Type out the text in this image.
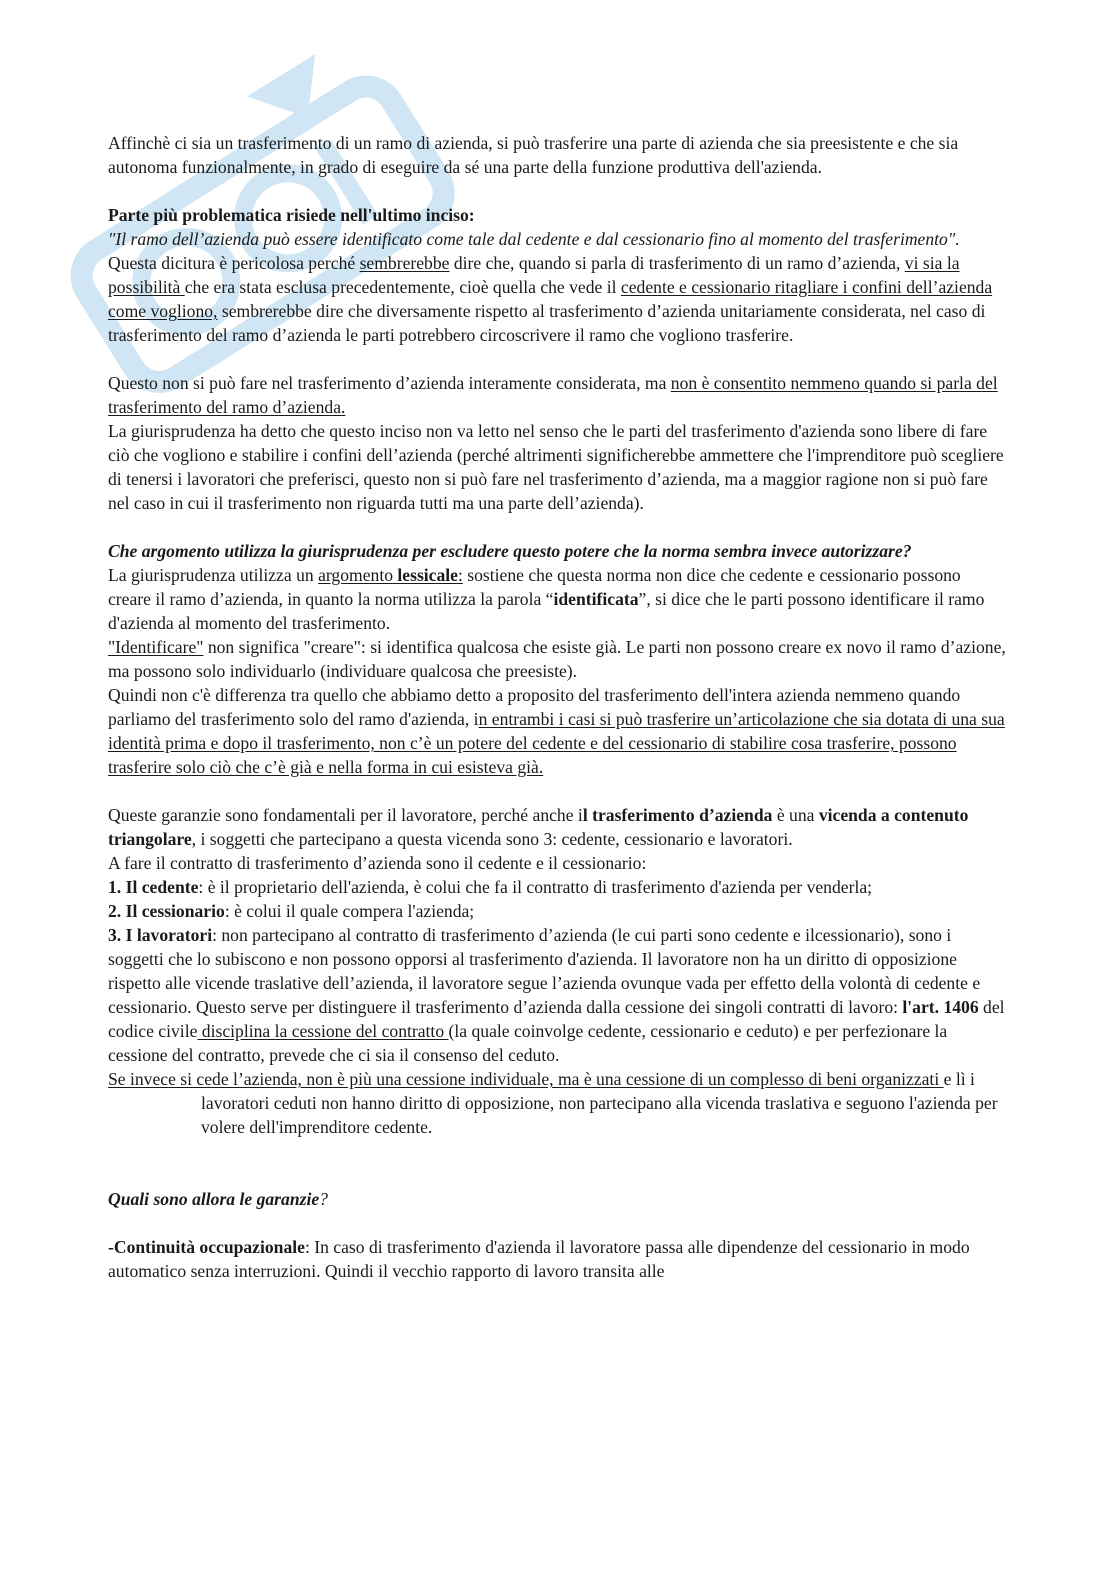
Affinchè ci sia un trasferimento di un ramo di azienda, si può trasferire una parte di azienda che sia preesistente e che sia autonoma funzionalmente, in grado di eseguire da sé una parte della funzione produttiva dell'azienda.

Parte più problematica risiede nell'ultimo inciso:

"Il ramo dell’azienda può essere identificato come tale dal cedente e dal cessionario fino al momento del trasferimento".

Questa dicitura è pericolosa perché sembrerebbe dire che, quando si parla di trasferimento di un ramo d’azienda, vi sia la possibilità che era stata esclusa precedentemente, cioè quella che vede il cedente e cessionario ritagliare i confini dell’azienda come vogliono, sembrerebbe dire che diversamente rispetto al trasferimento d’azienda unitariamente considerata, nel caso di trasferimento del ramo d’azienda le parti potrebbero circoscrivere il ramo che vogliono trasferire.

Questo non si può fare nel trasferimento d’azienda interamente considerata, ma non è consentito nemmeno quando si parla del trasferimento del ramo d’azienda.

La giurisprudenza ha detto che questo inciso non va letto nel senso che le parti del trasferimento d'azienda sono libere di fare ciò che vogliono e stabilire i confini dell’azienda (perché altrimenti significherebbe ammettere che l'imprenditore può scegliere di tenersi i lavoratori che preferisci, questo non si può fare nel trasferimento d’azienda, ma a maggior ragione non si può fare nel caso in cui il trasferimento non riguarda tutti ma una parte dell’azienda).

Che argomento utilizza la giurisprudenza per escludere questo potere che la norma sembra invece autorizzare?

La giurisprudenza utilizza un argomento lessicale: sostiene che questa norma non dice che cedente e cessionario possono creare il ramo d’azienda, in quanto la norma utilizza la parola “identificata”, si dice che le parti possono identificare il ramo d'azienda al momento del trasferimento.

"Identificare" non significa "creare": si identifica qualcosa che esiste già. Le parti non possono creare ex novo il ramo d’azione, ma possono solo individuarlo (individuare qualcosa che preesiste).

Quindi non c'è differenza tra quello che abbiamo detto a proposito del trasferimento dell'intera azienda nemmeno quando parliamo del trasferimento solo del ramo d'azienda, in entrambi i casi si può trasferire un’articolazione che sia dotata di una sua identità prima e dopo il trasferimento, non c’è un potere del cedente e del cessionario di stabilire cosa trasferire, possono trasferire solo ciò che c’è già e nella forma in cui esisteva già.

Queste garanzie sono fondamentali per il lavoratore, perché anche il trasferimento d’azienda è una vicenda a contenuto triangolare, i soggetti che partecipano a questa vicenda sono 3: cedente, cessionario e lavoratori.

A fare il contratto di trasferimento d’azienda sono il cedente e il cessionario:

1. Il cedente: è il proprietario dell'azienda, è colui che fa il contratto di trasferimento d'azienda per venderla;

2. Il cessionario: è colui il quale compera l'azienda;

3. I lavoratori: non partecipano al contratto di trasferimento d’azienda (le cui parti sono cedente e ilcessionario), sono i soggetti che lo subiscono e non possono opporsi al trasferimento d'azienda. Il lavoratore non ha un diritto di opposizione rispetto alle vicende traslative dell’azienda, il lavoratore segue l’azienda ovunque vada per effetto della volontà di cedente e cessionario. Questo serve per distinguere il trasferimento d’azienda dalla cessione dei singoli contratti di lavoro: l'art. 1406 del codice civile disciplina la cessione del contratto (la quale coinvolge cedente, cessionario e ceduto) e per perfezionare la cessione del contratto, prevede che ci sia il consenso del ceduto.

Se invece si cede l’azienda, non è più una cessione individuale, ma è una cessione di un complesso di beni organizzati e lì i lavoratori ceduti non hanno diritto di opposizione, non partecipano alla vicenda traslativa e seguono l'azienda per volere dell'imprenditore cedente.

Quali sono allora le garanzie?

-Continuità occupazionale: In caso di trasferimento d'azienda il lavoratore passa alle dipendenze del cessionario in modo automatico senza interruzioni. Quindi il vecchio rapporto di lavoro transita alle
